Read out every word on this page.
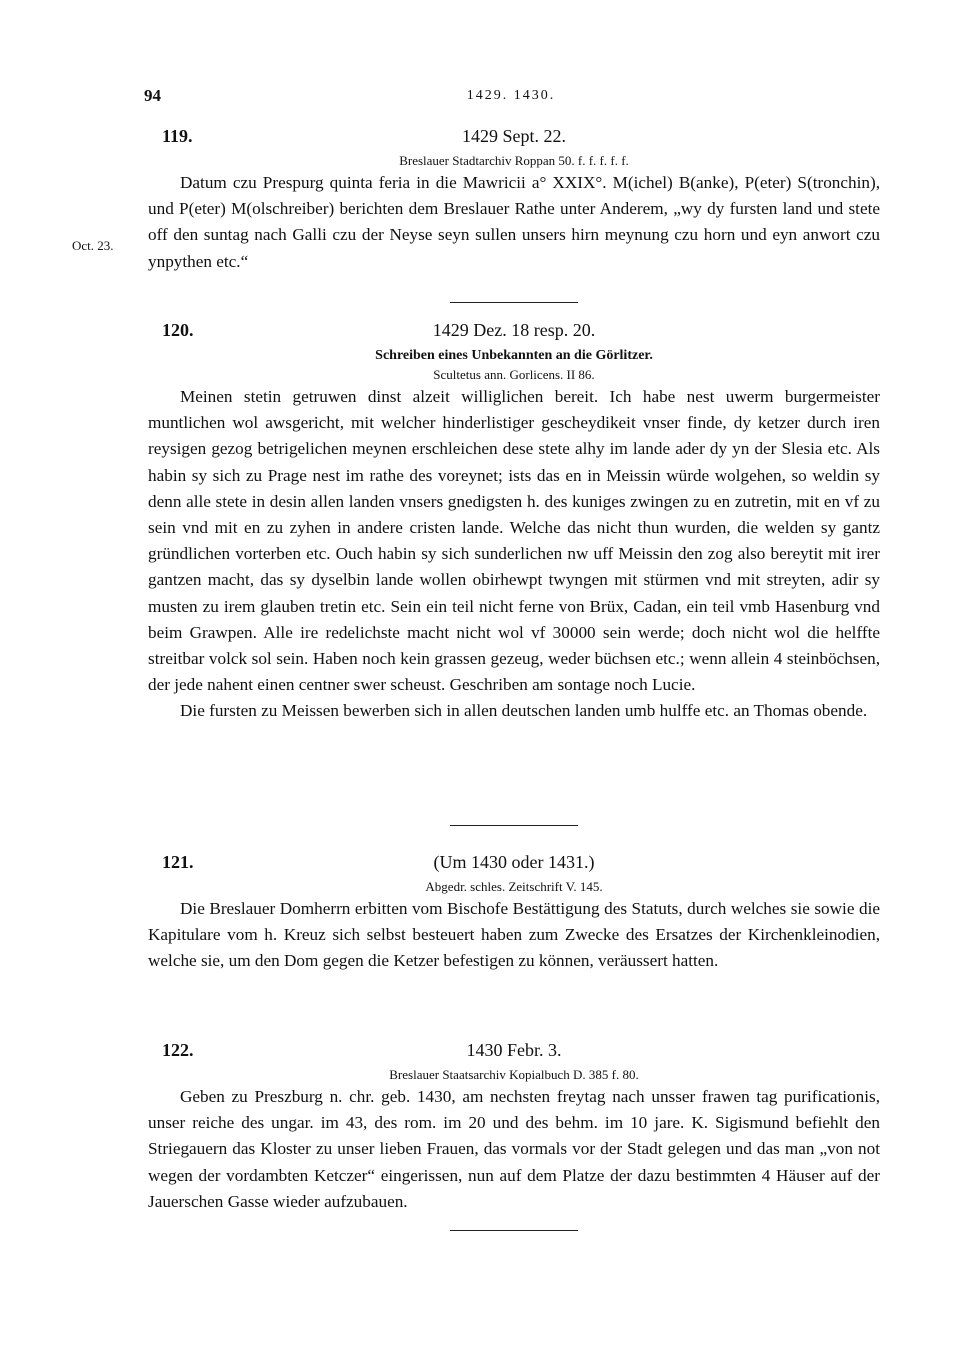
94	1429. 1430.
119.	1429 Sept. 22.
Breslauer Stadtarchiv Roppan 50. f. f. f. f. f.

Datum czu Prespurg quinta feria in die Mawricii a° XXIX°. M(ichel) B(anke), P(eter) S(tronchin), und P(eter) M(olschreiber) berichten dem Breslauer Rathe unter Anderem, „wy dy fursten land und stete off den suntag nach Galli czu der Neyse seyn sullen unsers hirn meynung czu horn und eyn anwort czu ynpythen etc.“

Oct. 23.
120.	1429 Dez. 18 resp. 20.
Schreiben eines Unbekannten an die Görlitzer.
Scultetus ann. Gorlicens. II 86.

Meinen stetin getruwen dinst alzeit williglichen bereit. Ich habe nest uwerm burgermeister muntlichen wol awsgericht, mit welcher hinderlistiger gescheydikeit vnser finde, dy ketzer durch iren reysigen gezog betrigelichen meynen erschleichen dese stete alhy im lande ader dy yn der Slesia etc. Als habin sy sich zu Prage nest im rathe des voreynet; ists das en in Meissin würde wolgehen, so weldin sy denn alle stete in desin allen landen vnsers gnedigsten h. des kuniges zwingen zu en zutretin, mit en vf zu sein vnd mit en zu zyhen in andere cristen lande. Welche das nicht thun wurden, die welden sy gantz gründlichen vorterben etc. Ouch habin sy sich sunderlichen nw uff Meissin den zog also bereytit mit irer gantzen macht, das sy dyselbin lande wollen obirhewpt twyngen mit stürmen vnd mit streyten, adir sy musten zu irem glauben tretin etc. Sein ein teil nicht ferne von Brüx, Cadan, ein teil vmb Hasenburg vnd beim Grawpen. Alle ire redelichste macht nicht wol vf 30000 sein werde; doch nicht wol die helffte streitbar volck sol sein. Haben noch kein grassen gezeug, weder büchsen etc.; wenn allein 4 steinböchsen, der jede nahent einen centner swer scheust. Geschriben am sontage noch Lucie.

Die fursten zu Meissen bewerben sich in allen deutschen landen umb hulffe etc. an Thomas obende.

121.	(Um 1430 oder 1431.)
Abgedr. schles. Zeitschrift V. 145.

Die Breslauer Domherrn erbitten vom Bischofe Bestättigung des Statuts, durch welches sie sowie die Kapitulare vom h. Kreuz sich selbst besteuert haben zum Zwecke des Ersatzes der Kirchenkleinodien, welche sie, um den Dom gegen die Ketzer befestigen zu können, veräussert hatten.

122.	1430 Febr. 3.
Breslauer Staatsarchiv Kopialbuch D. 385 f. 80.

Geben zu Preszburg n. chr. geb. 1430, am nechsten freytag nach unsser frawen tag purificationis, unser reiche des ungar. im 43, des rom. im 20 und des behm. im 10 jare. K. Sigismund befiehlt den Striegauern das Kloster zu unser lieben Frauen, das vormals vor der Stadt gelegen und das man „von not wegen der vordambten Ketczer“ eingerissen, nun auf dem Platze der dazu bestimmten 4 Häuser auf der Jauerschen Gasse wieder aufzubauen.
